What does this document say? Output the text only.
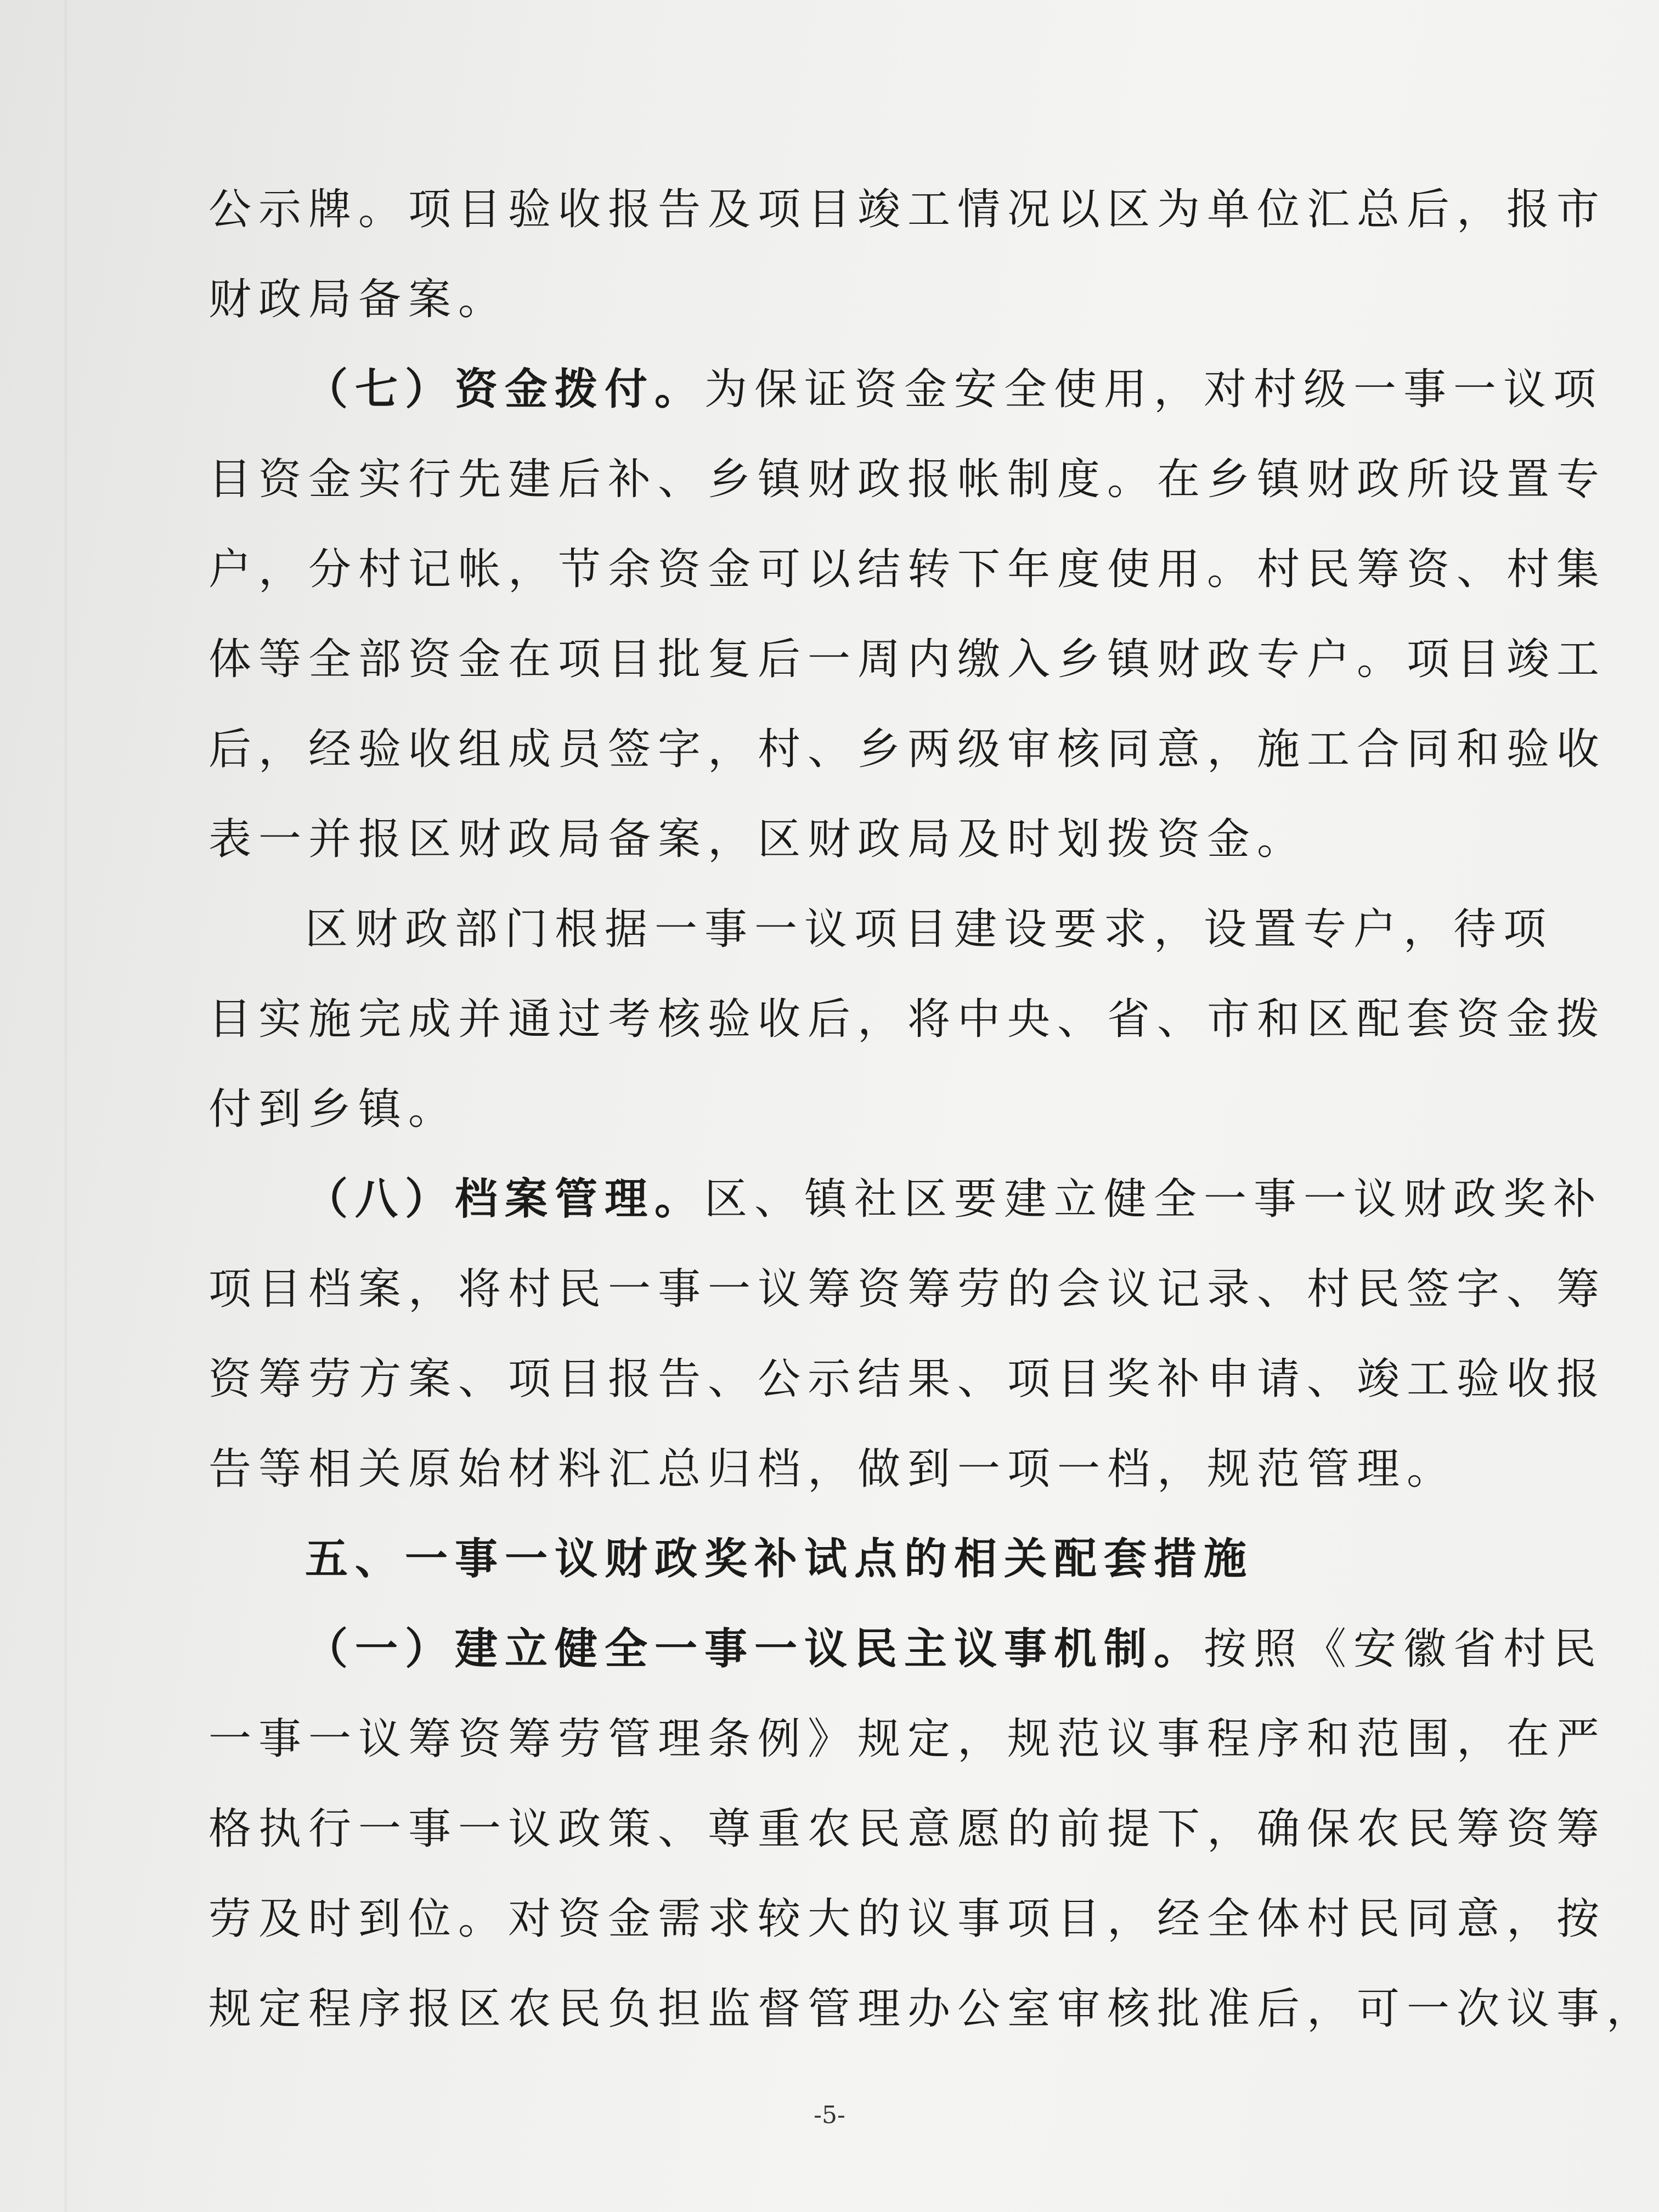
公示牌。项目验收报告及项目竣工情况以区为单位汇总后，报市
财政局备案。
（七）资金拨付。为保证资金安全使用，对村级一事一议项
目资金实行先建后补、乡镇财政报帐制度。在乡镇财政所设置专
户，分村记帐，节余资金可以结转下年度使用。村民筹资、村集
体等全部资金在项目批复后一周内缴入乡镇财政专户。项目竣工
后，经验收组成员签字，村、乡两级审核同意，施工合同和验收
表一并报区财政局备案，区财政局及时划拨资金。
区财政部门根据一事一议项目建设要求，设置专户，待项
目实施完成并通过考核验收后，将中央、省、市和区配套资金拨
付到乡镇。
（八）档案管理。区、镇社区要建立健全一事一议财政奖补
项目档案，将村民一事一议筹资筹劳的会议记录、村民签字、筹
资筹劳方案、项目报告、公示结果、项目奖补申请、竣工验收报
告等相关原始材料汇总归档，做到一项一档，规范管理。
五、一事一议财政奖补试点的相关配套措施
（一）建立健全一事一议民主议事机制。按照《安徽省村民
一事一议筹资筹劳管理条例》规定，规范议事程序和范围，在严
格执行一事一议政策、尊重农民意愿的前提下，确保农民筹资筹
劳及时到位。对资金需求较大的议事项目，经全体村民同意，按
规定程序报区农民负担监督管理办公室审核批准后，可一次议事，
-5-
